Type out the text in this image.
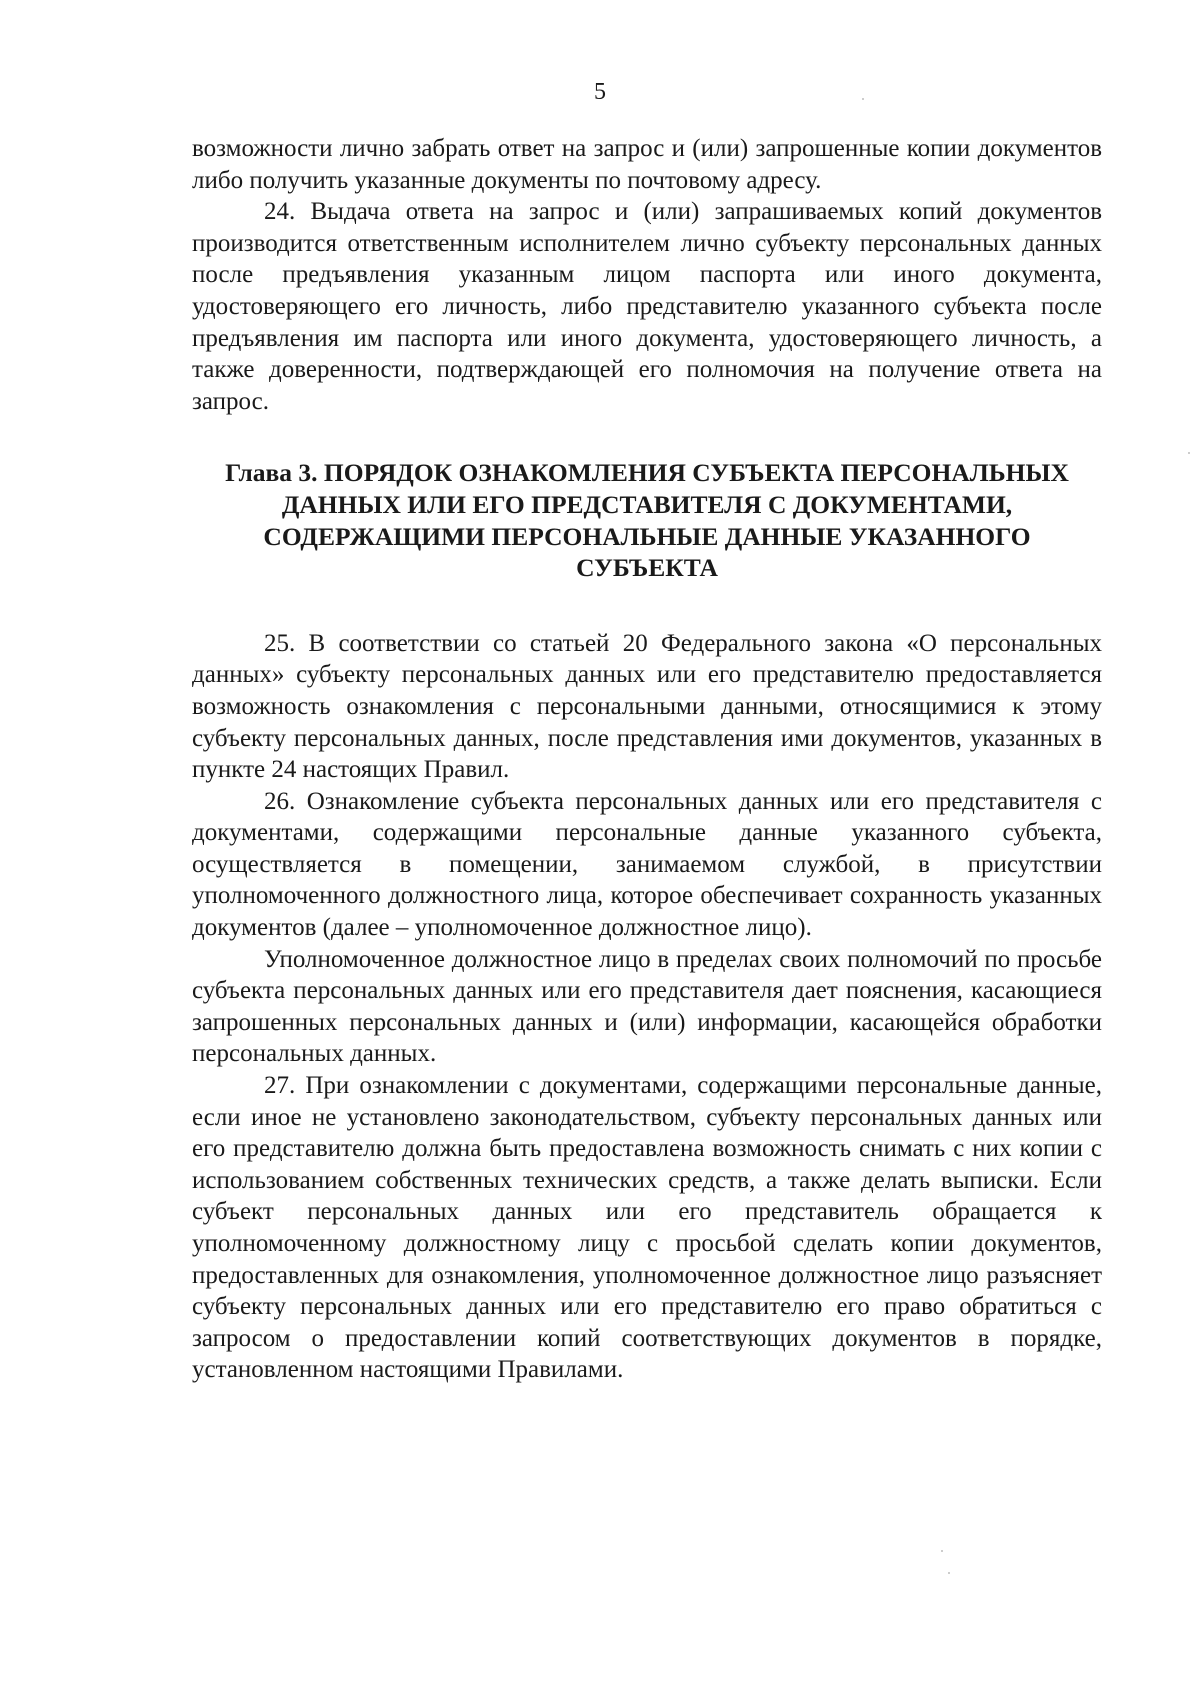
5

возможности лично забрать ответ на запрос и (или) запрошенные копии документов либо получить указанные документы по почтовому адресу.

24. Выдача ответа на запрос и (или) запрашиваемых копий документов производится ответственным исполнителем лично субъекту персональных данных после предъявления указанным лицом паспорта или иного документа, удостоверяющего его личность, либо представителю указанного субъекта после предъявления им паспорта или иного документа, удостоверяющего личность, а также доверенности, подтверждающей его полномочия на получение ответа на запрос.

Глава 3. ПОРЯДОК ОЗНАКОМЛЕНИЯ СУБЪЕКТА ПЕРСОНАЛЬНЫХ ДАННЫХ ИЛИ ЕГО ПРЕДСТАВИТЕЛЯ С ДОКУМЕНТАМИ, СОДЕРЖАЩИМИ ПЕРСОНАЛЬНЫЕ ДАННЫЕ УКАЗАННОГО СУБЪЕКТА

25. В соответствии со статьей 20 Федерального закона «О персональных данных» субъекту персональных данных или его представителю предоставляется возможность ознакомления с персональными данными, относящимися к этому субъекту персональных данных, после представления ими документов, указанных в пункте 24 настоящих Правил.

26. Ознакомление субъекта персональных данных или его представителя с документами, содержащими персональные данные указанного субъекта, осуществляется в помещении, занимаемом службой, в присутствии уполномоченного должностного лица, которое обеспечивает сохранность указанных документов (далее – уполномоченное должностное лицо).

Уполномоченное должностное лицо в пределах своих полномочий по просьбе субъекта персональных данных или его представителя дает пояснения, касающиеся запрошенных персональных данных и (или) информации, касающейся обработки персональных данных.

27. При ознакомлении с документами, содержащими персональные данные, если иное не установлено законодательством, субъекту персональных данных или его представителю должна быть предоставлена возможность снимать с них копии с использованием собственных технических средств, а также делать выписки. Если субъект персональных данных или его представитель обращается к уполномоченному должностному лицу с просьбой сделать копии документов, предоставленных для ознакомления, уполномоченное должностное лицо разъясняет субъекту персональных данных или его представителю его право обратиться с запросом о предоставлении копий соответствующих документов в порядке, установленном настоящими Правилами.
